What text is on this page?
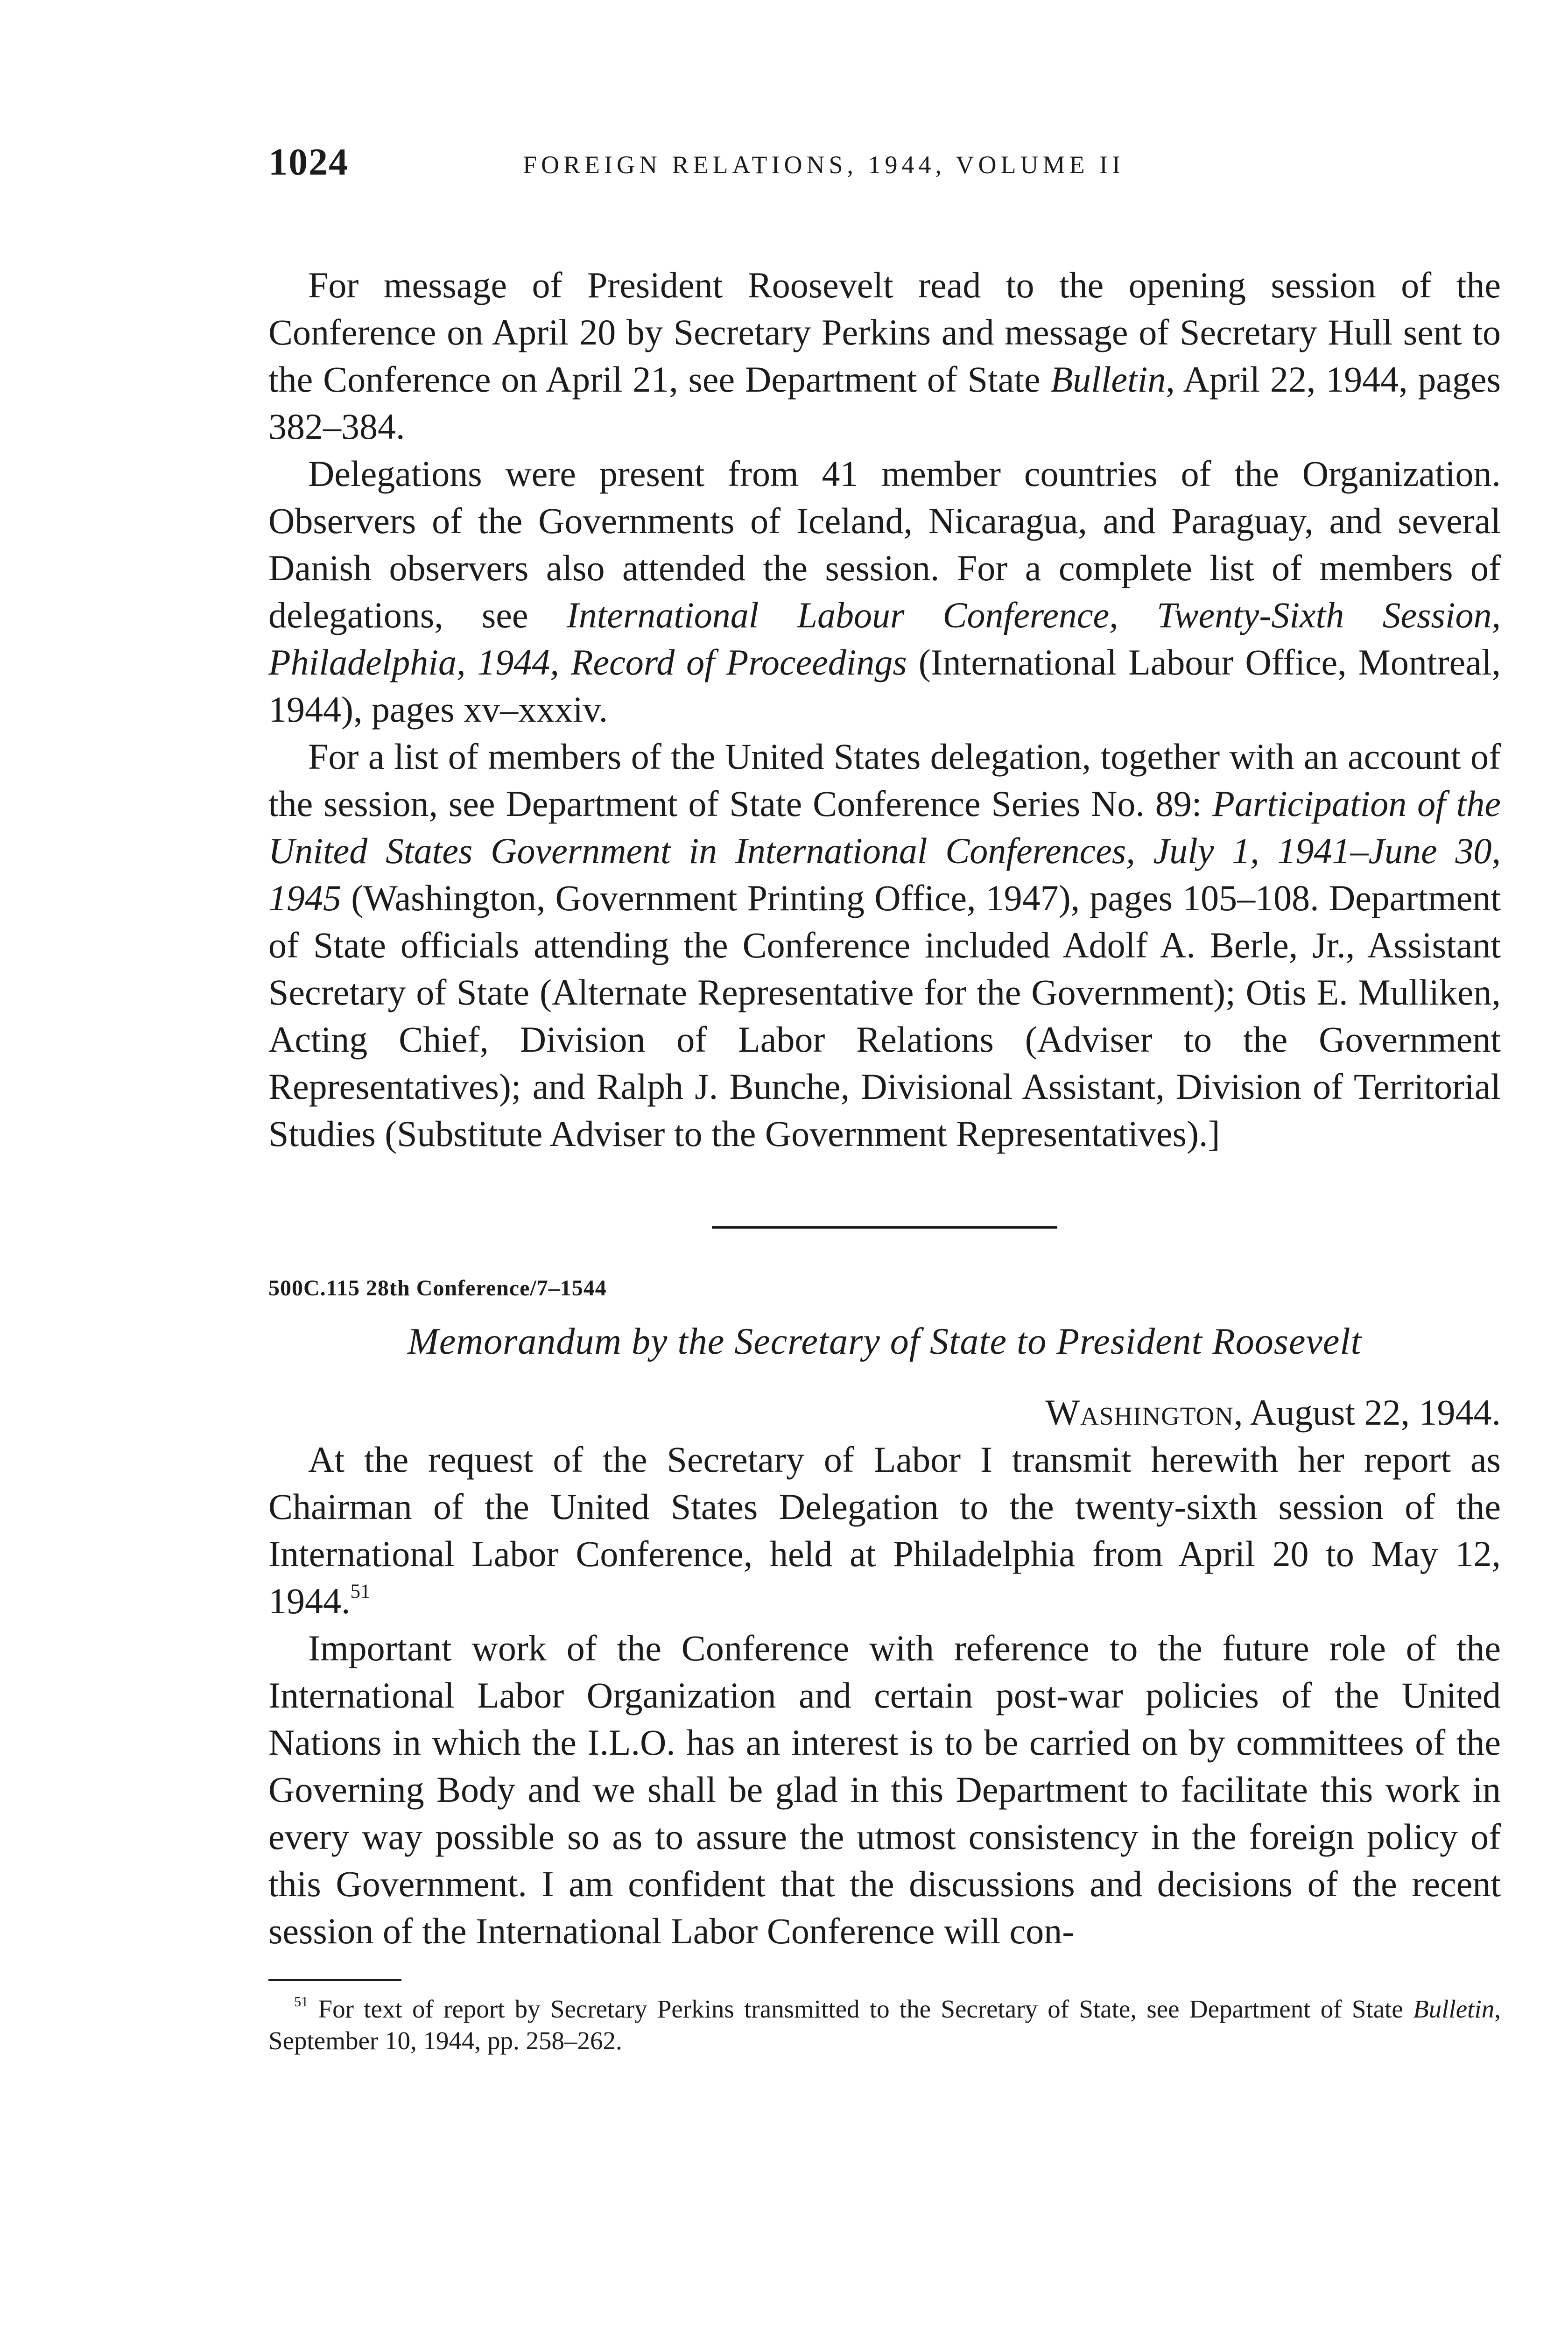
1024	FOREIGN RELATIONS, 1944, VOLUME II

For message of President Roosevelt read to the opening session of the Conference on April 20 by Secretary Perkins and message of Secretary Hull sent to the Conference on April 21, see Department of State Bulletin, April 22, 1944, pages 382–384.

Delegations were present from 41 member countries of the Organization. Observers of the Governments of Iceland, Nicaragua, and Paraguay, and several Danish observers also attended the session. For a complete list of members of delegations, see International Labour Conference, Twenty-Sixth Session, Philadelphia, 1944, Record of Proceedings (International Labour Office, Montreal, 1944), pages xv–xxxiv.

For a list of members of the United States delegation, together with an account of the session, see Department of State Conference Series No. 89: Participation of the United States Government in International Conferences, July 1, 1941–June 30, 1945 (Washington, Government Printing Office, 1947), pages 105–108. Department of State officials attending the Conference included Adolf A. Berle, Jr., Assistant Secretary of State (Alternate Representative for the Government); Otis E. Mulliken, Acting Chief, Division of Labor Relations (Adviser to the Government Representatives); and Ralph J. Bunche, Divisional Assistant, Division of Territorial Studies (Substitute Adviser to the Government Representatives).]

500C.115 28th Conference/7–1544
Memorandum by the Secretary of State to President Roosevelt
Washington, August 22, 1944.

At the request of the Secretary of Labor I transmit herewith her report as Chairman of the United States Delegation to the twenty-sixth session of the International Labor Conference, held at Philadelphia from April 20 to May 12, 1944.51

Important work of the Conference with reference to the future role of the International Labor Organization and certain post-war policies of the United Nations in which the I.L.O. has an interest is to be carried on by committees of the Governing Body and we shall be glad in this Department to facilitate this work in every way possible so as to assure the utmost consistency in the foreign policy of this Government. I am confident that the discussions and decisions of the recent session of the International Labor Conference will con-

$^{51}$ For text of report by Secretary Perkins transmitted to the Secretary of State, see Department of State Bulletin, September 10, 1944, pp. 258–262.
